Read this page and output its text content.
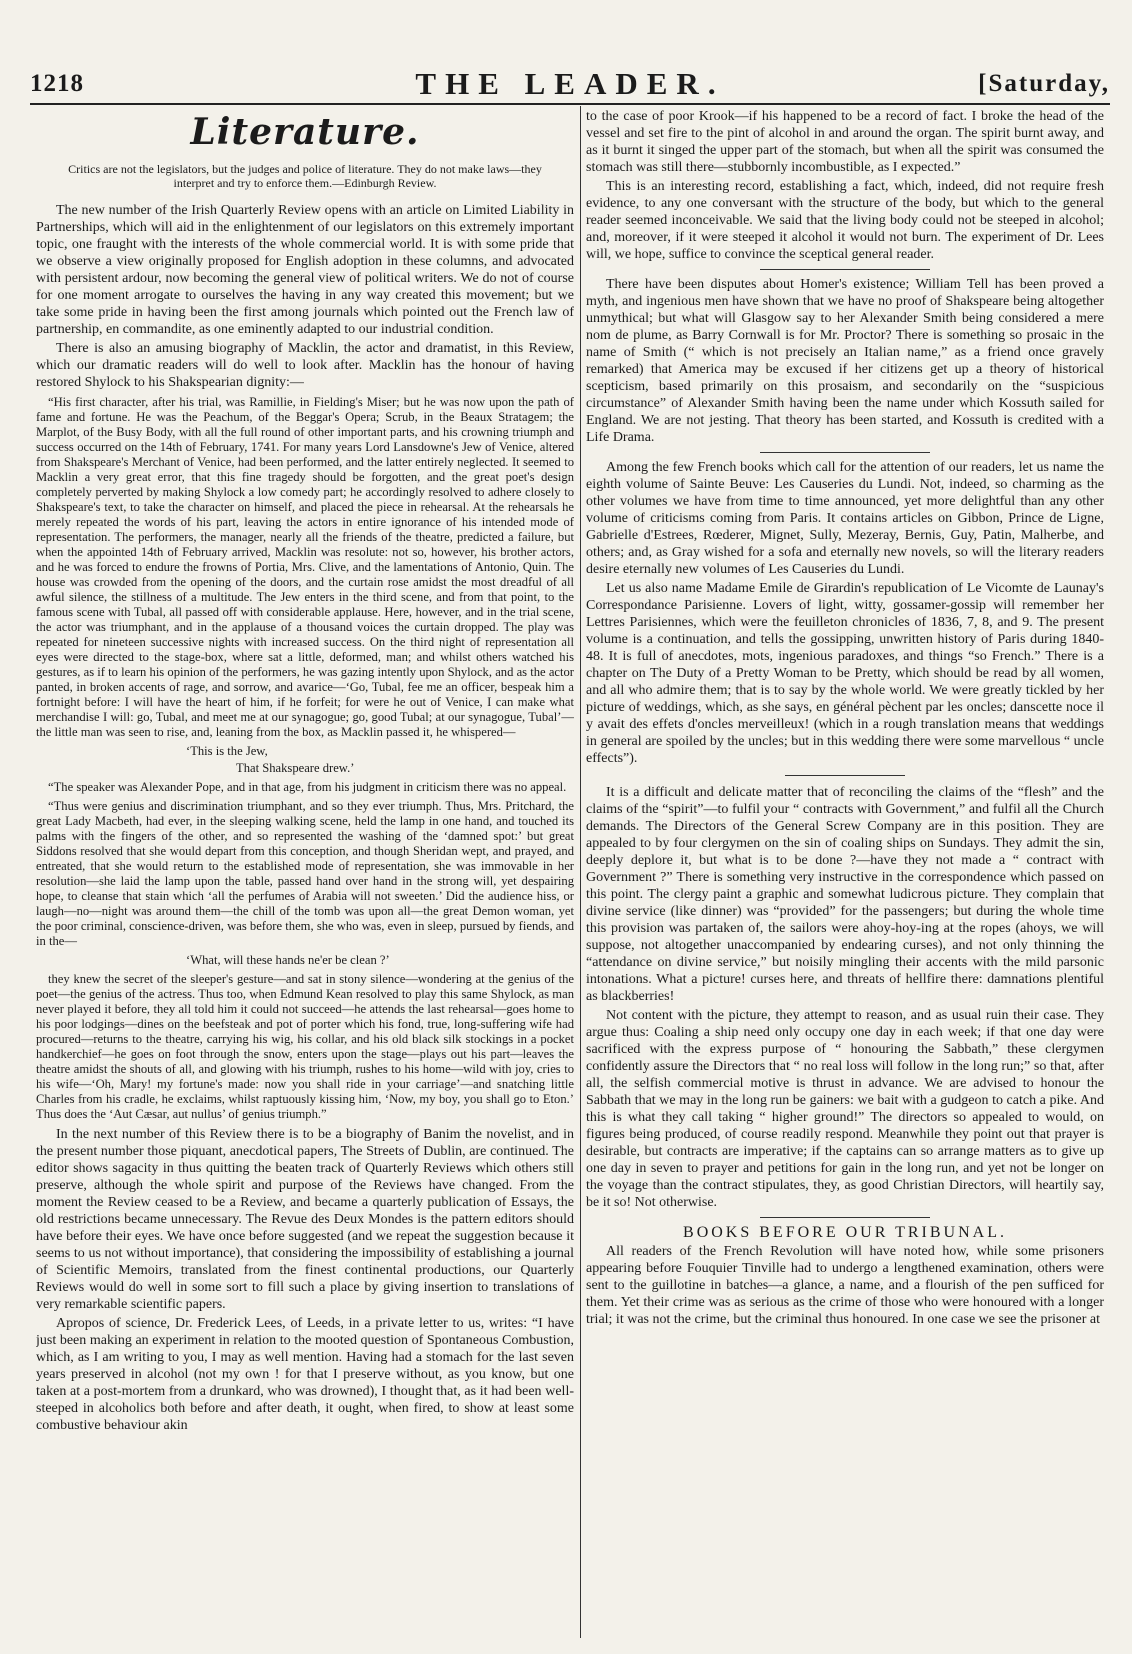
1218	THE LEADER.	[Saturday,
Literature.
Critics are not the legislators, but the judges and police of literature. They do not make laws—they interpret and try to enforce them.—Edinburgh Review.

The new number of the Irish Quarterly Review opens with an article on Limited Liability in Partnerships, which will aid in the enlightenment of our legislators on this extremely important topic, one fraught with the interests of the whole commercial world. It is with some pride that we observe a view originally proposed for English adoption in these columns, and advocated with persistent ardour, now becoming the general view of political writers. We do not of course for one moment arrogate to ourselves the having in any way created this movement; but we take some pride in having been the first among journals which pointed out the French law of partnership, en commandite, as one eminently adapted to our industrial condition.

There is also an amusing biography of Macklin, the actor and dramatist, in this Review, which our dramatic readers will do well to look after. Macklin has the honour of having restored Shylock to his Shakspearian dignity:—

“His first character, after his trial, was Ramillie, in Fielding's Miser; but he was now upon the path of fame and fortune. He was the Peachum, of the Beggar's Opera; Scrub, in the Beaux Stratagem; the Marplot, of the Busy Body, with all the full round of other important parts, and his crowning triumph and success occurred on the 14th of February, 1741. For many years Lord Lansdowne's Jew of Venice, altered from Shakspeare's Merchant of Venice, had been performed, and the latter entirely neglected. It seemed to Macklin a very great error, that this fine tragedy should be forgotten, and the great poet's design completely perverted by making Shylock a low comedy part; he accordingly resolved to adhere closely to Shakspeare's text, to take the character on himself, and placed the piece in rehearsal. At the rehearsals he merely repeated the words of his part, leaving the actors in entire ignorance of his intended mode of representation. The performers, the manager, nearly all the friends of the theatre, predicted a failure, but when the appointed 14th of February arrived, Macklin was resolute: not so, however, his brother actors, and he was forced to endure the frowns of Portia, Mrs. Clive, and the lamentations of Antonio, Quin. The house was crowded from the opening of the doors, and the curtain rose amidst the most dreadful of all awful silence, the stillness of a multitude. The Jew enters in the third scene, and from that point, to the famous scene with Tubal, all passed off with considerable applause. Here, however, and in the trial scene, the actor was triumphant, and in the applause of a thousand voices the curtain dropped. The play was repeated for nineteen successive nights with increased success. On the third night of representation all eyes were directed to the stage-box, where sat a little, deformed, man; and whilst others watched his gestures, as if to learn his opinion of the performers, he was gazing intently upon Shylock, and as the actor panted, in broken accents of rage, and sorrow, and avarice—‘Go, Tubal, fee me an officer, bespeak him a fortnight before: I will have the heart of him, if he forfeit; for were he out of Venice, I can make what merchandise I will: go, Tubal, and meet me at our synagogue; go, good Tubal; at our synagogue, Tubal’—the little man was seen to rise, and, leaning from the box, as Macklin passed it, he whispered—

‘This is the Jew,

That Shakspeare drew.’

“The speaker was Alexander Pope, and in that age, from his judgment in criticism there was no appeal.

“Thus were genius and discrimination triumphant, and so they ever triumph. Thus, Mrs. Pritchard, the great Lady Macbeth, had ever, in the sleeping walking scene, held the lamp in one hand, and touched its palms with the fingers of the other, and so represented the washing of the ‘damned spot:’ but great Siddons resolved that she would depart from this conception, and though Sheridan wept, and prayed, and entreated, that she would return to the established mode of representation, she was immovable in her resolution—she laid the lamp upon the table, passed hand over hand in the strong will, yet despairing hope, to cleanse that stain which ‘all the perfumes of Arabia will not sweeten.’ Did the audience hiss, or laugh—no—night was around them—the chill of the tomb was upon all—the great Demon woman, yet the poor criminal, conscience-driven, was before them, she who was, even in sleep, pursued by fiends, and in the—

‘What, will these hands ne'er be clean ?’

they knew the secret of the sleeper's gesture—and sat in stony silence—wondering at the genius of the poet—the genius of the actress. Thus too, when Edmund Kean resolved to play this same Shylock, as man never played it before, they all told him it could not succeed—he attends the last rehearsal—goes home to his poor lodgings—dines on the beefsteak and pot of porter which his fond, true, long-suffering wife had procured—returns to the theatre, carrying his wig, his collar, and his old black silk stockings in a pocket handkerchief—he goes on foot through the snow, enters upon the stage—plays out his part—leaves the theatre amidst the shouts of all, and glowing with his triumph, rushes to his home—wild with joy, cries to his wife—‘Oh, Mary! my fortune's made: now you shall ride in your carriage’—and snatching little Charles from his cradle, he exclaims, whilst raptuously kissing him, ‘Now, my boy, you shall go to Eton.’ Thus does the ‘Aut Cæsar, aut nullus’ of genius triumph.”

In the next number of this Review there is to be a biography of Banim the novelist, and in the present number those piquant, anecdotical papers, The Streets of Dublin, are continued. The editor shows sagacity in thus quitting the beaten track of Quarterly Reviews which others still preserve, although the whole spirit and purpose of the Reviews have changed. From the moment the Review ceased to be a Review, and became a quarterly publication of Essays, the old restrictions became unnecessary. The Revue des Deux Mondes is the pattern editors should have before their eyes. We have once before suggested (and we repeat the suggestion because it seems to us not without importance), that considering the impossibility of establishing a journal of Scientific Memoirs, translated from the finest continental productions, our Quarterly Reviews would do well in some sort to fill such a place by giving insertion to translations of very remarkable scientific papers.

Apropos of science, Dr. Frederick Lees, of Leeds, in a private letter to us, writes: “I have just been making an experiment in relation to the mooted question of Spontaneous Combustion, which, as I am writing to you, I may as well mention. Having had a stomach for the last seven years preserved in alcohol (not my own ! for that I preserve without, as you know, but one taken at a post-mortem from a drunkard, who was drowned), I thought that, as it had been well-steeped in alcoholics both before and after death, it ought, when fired, to show at least some combustive behaviour akin

to the case of poor Krook—if his happened to be a record of fact. I broke the head of the vessel and set fire to the pint of alcohol in and around the organ. The spirit burnt away, and as it burnt it singed the upper part of the stomach, but when all the spirit was consumed the stomach was still there—stubbornly incombustible, as I expected.”

This is an interesting record, establishing a fact, which, indeed, did not require fresh evidence, to any one conversant with the structure of the body, but which to the general reader seemed inconceivable. We said that the living body could not be steeped in alcohol; and, moreover, if it were steeped it alcohol it would not burn. The experiment of Dr. Lees will, we hope, suffice to convince the sceptical general reader.

There have been disputes about Homer's existence; William Tell has been proved a myth, and ingenious men have shown that we have no proof of Shakspeare being altogether unmythical; but what will Glasgow say to her Alexander Smith being considered a mere nom de plume, as Barry Cornwall is for Mr. Proctor? There is something so prosaic in the name of Smith (“ which is not precisely an Italian name,” as a friend once gravely remarked) that America may be excused if her citizens get up a theory of historical scepticism, based primarily on this prosaism, and secondarily on the “suspicious circumstance” of Alexander Smith having been the name under which Kossuth sailed for England. We are not jesting. That theory has been started, and Kossuth is credited with a Life Drama.

Among the few French books which call for the attention of our readers, let us name the eighth volume of Sainte Beuve: Les Causeries du Lundi. Not, indeed, so charming as the other volumes we have from time to time announced, yet more delightful than any other volume of criticisms coming from Paris. It contains articles on Gibbon, Prince de Ligne, Gabrielle d'Estrees, Rœderer, Mignet, Sully, Mezeray, Bernis, Guy, Patin, Malherbe, and others; and, as Gray wished for a sofa and eternally new novels, so will the literary readers desire eternally new volumes of Les Causeries du Lundi.

Let us also name Madame Emile de Girardin's republication of Le Vicomte de Launay's Correspondance Parisienne. Lovers of light, witty, gossamer-gossip will remember her Lettres Parisiennes, which were the feuilleton chronicles of 1836, 7, 8, and 9. The present volume is a continuation, and tells the gossipping, unwritten history of Paris during 1840-48. It is full of anecdotes, mots, ingenious paradoxes, and things “so French.” There is a chapter on The Duty of a Pretty Woman to be Pretty, which should be read by all women, and all who admire them; that is to say by the whole world. We were greatly tickled by her picture of weddings, which, as she says, en général pèchent par les oncles; danscette noce il y avait des effets d'oncles merveilleux! (which in a rough translation means that weddings in general are spoiled by the uncles; but in this wedding there were some marvellous “ uncle effects”).

It is a difficult and delicate matter that of reconciling the claims of the “flesh” and the claims of the “spirit”—to fulfil your “ contracts with Government,” and fulfil all the Church demands. The Directors of the General Screw Company are in this position. They are appealed to by four clergymen on the sin of coaling ships on Sundays. They admit the sin, deeply deplore it, but what is to be done ?—have they not made a “ contract with Government ?” There is something very instructive in the correspondence which passed on this point. The clergy paint a graphic and somewhat ludicrous picture. They complain that divine service (like dinner) was “provided” for the passengers; but during the whole time this provision was partaken of, the sailors were ahoy-hoy-ing at the ropes (ahoys, we will suppose, not altogether unaccompanied by endearing curses), and not only thinning the “attendance on divine service,” but noisily mingling their accents with the mild parsonic intonations. What a picture! curses here, and threats of hellfire there: damnations plentiful as blackberries!

Not content with the picture, they attempt to reason, and as usual ruin their case. They argue thus: Coaling a ship need only occupy one day in each week; if that one day were sacrificed with the express purpose of “ honouring the Sabbath,” these clergymen confidently assure the Directors that “ no real loss will follow in the long run;” so that, after all, the selfish commercial motive is thrust in advance. We are advised to honour the Sabbath that we may in the long run be gainers: we bait with a gudgeon to catch a pike. And this is what they call taking “ higher ground!” The directors so appealed to would, on figures being produced, of course readily respond. Meanwhile they point out that prayer is desirable, but contracts are imperative; if the captains can so arrange matters as to give up one day in seven to prayer and petitions for gain in the long run, and yet not be longer on the voyage than the contract stipulates, they, as good Christian Directors, will heartily say, be it so! Not otherwise.

BOOKS BEFORE OUR TRIBUNAL.

All readers of the French Revolution will have noted how, while some prisoners appearing before Fouquier Tinville had to undergo a lengthened examination, others were sent to the guillotine in batches—a glance, a name, and a flourish of the pen sufficed for them. Yet their crime was as serious as the crime of those who were honoured with a longer trial; it was not the crime, but the criminal thus honoured. In one case we see the prisoner at
